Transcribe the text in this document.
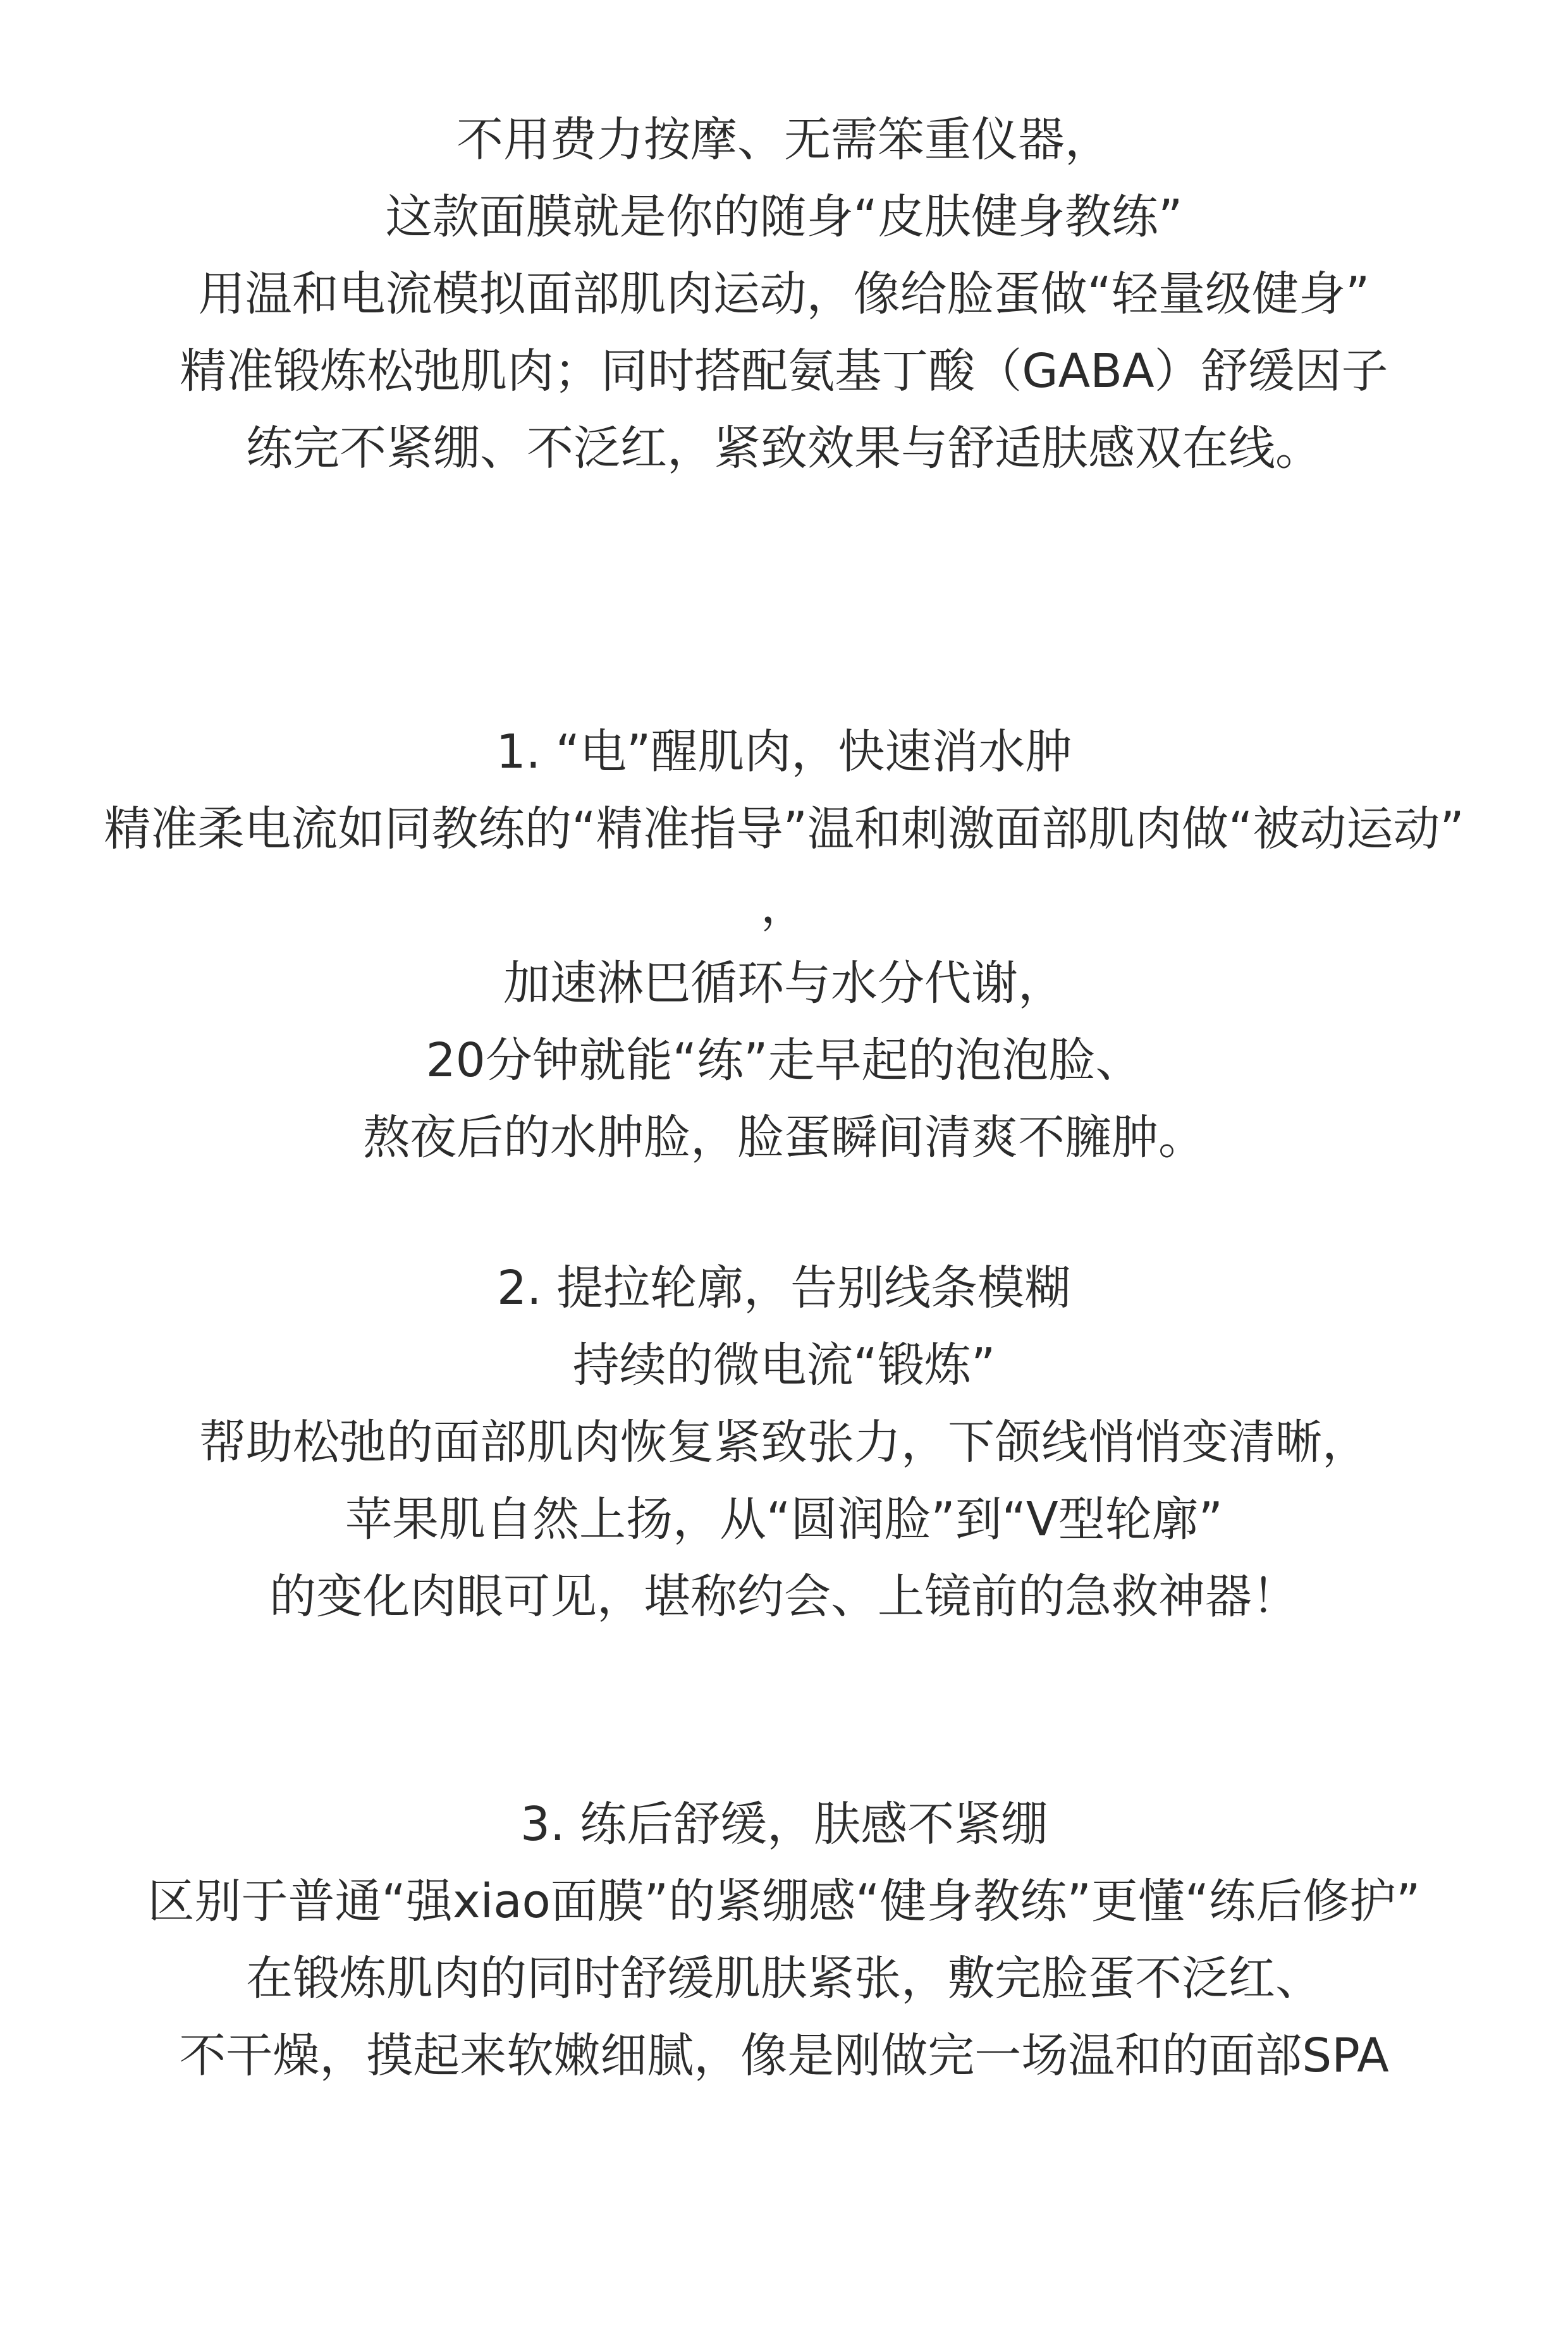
不用费力按摩、无需笨重仪器，
这款面膜就是你的随身“皮肤健身教练”
用温和电流模拟面部肌肉运动，像给脸蛋做“轻量级健身”
精准锻炼松弛肌肉；同时搭配氨基丁酸（GABA）舒缓因子
练完不紧绷、不泛红，紧致效果与舒适肤感双在线。
1. “电”醒肌肉，快速消水肿
精准柔电流如同教练的“精准指导”温和刺激面部肌肉做“被动运动”
，
加速淋巴循环与水分代谢，
20分钟就能“练”走早起的泡泡脸、
熬夜后的水肿脸，脸蛋瞬间清爽不臃肿。
2. 提拉轮廓，告别线条模糊
持续的微电流“锻炼”
帮助松弛的面部肌肉恢复紧致张力，下颌线悄悄变清晰，
苹果肌自然上扬，从“圆润脸”到“V型轮廓”
的变化肉眼可见，堪称约会、上镜前的急救神器！
3. 练后舒缓，肤感不紧绷
区别于普通“强xiao面膜”的紧绷感“健身教练”更懂“练后修护”
在锻炼肌肉的同时舒缓肌肤紧张，敷完脸蛋不泛红、
不干燥，摸起来软嫩细腻，像是刚做完一场温和的面部SPA
